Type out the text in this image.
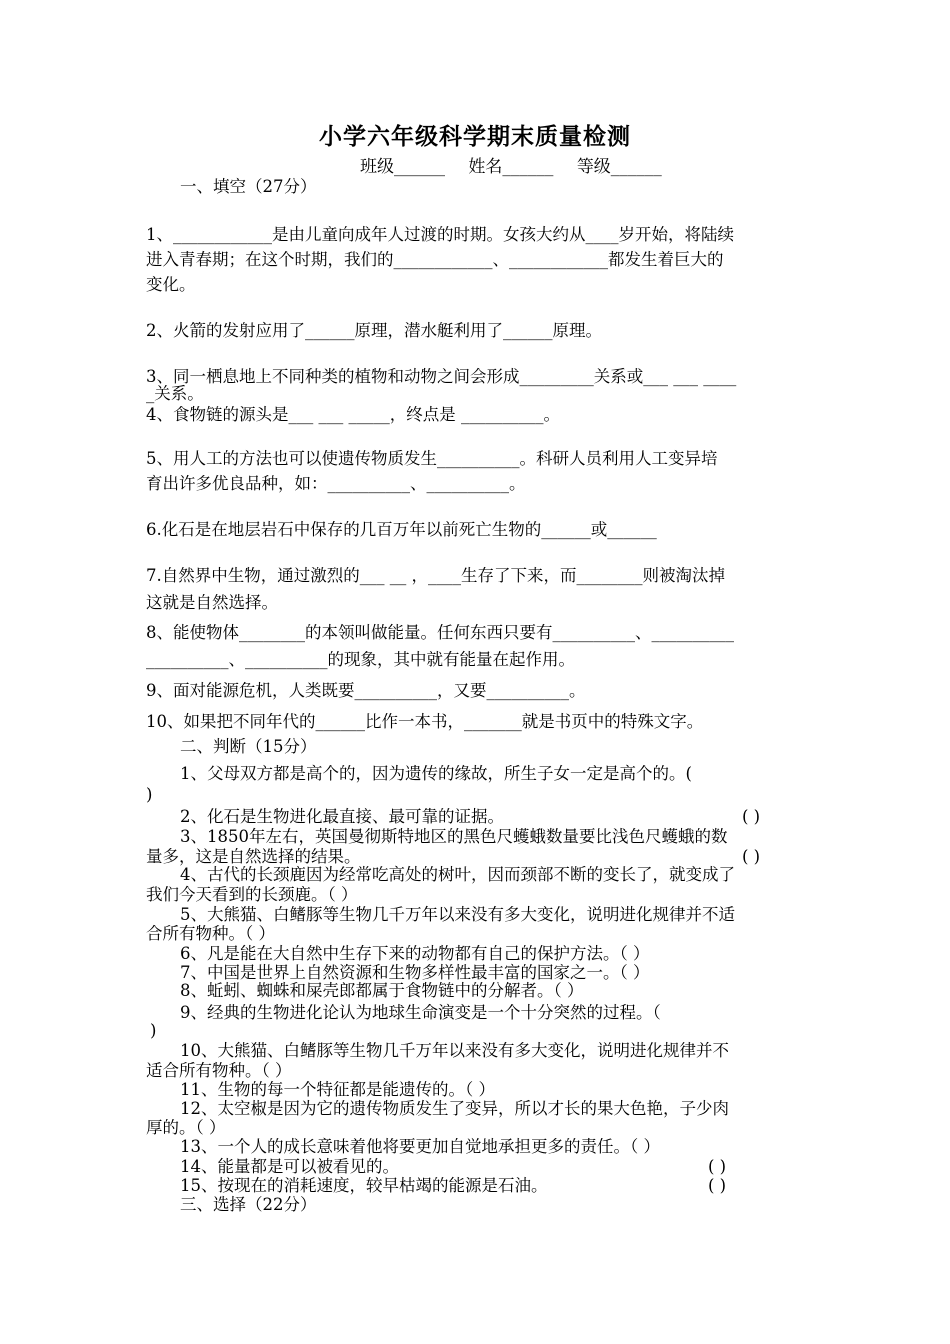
小学六年级科学期末质量检测
班级______ 姓名______ 等级______
一、填空（27分）
1、____________是由儿童向成年人过渡的时期。女孩大约从____岁开始，将陆续
进入青春期；在这个时期，我们的____________、____________都发生着巨大的
变化。
2、火箭的发射应用了______原理，潜水艇利用了______原理。
3、同一栖息地上不同种类的植物和动物之间会形成_________关系或___ ___ ____
_关系。
4、食物链的源头是___ ___ _____，终点是 __________。
5、用人工的方法也可以使遗传物质发生__________。科研人员利用人工变异培
育出许多优良品种，如：__________、__________。
6.化石是在地层岩石中保存的几百万年以前死亡生物的______或______
7.自然界中生物，通过激烈的___ __ ，____生存了下来，而________则被淘汰掉
这就是自然选择。
8、能使物体________的本领叫做能量。任何东西只要有__________、__________
__________、__________的现象，其中就有能量在起作用。
9、面对能源危机，人类既要__________，又要__________。
10、如果把不同年代的______比作一本书，_______就是书页中的特殊文字。
二、判断（15分）
1、父母双方都是高个的，因为遗传的缘故，所生子女一定是高个的。(
)
2、化石是生物进化最直接、最可靠的证据。	( )
3、1850年左右，英国曼彻斯特地区的黑色尺蠖蛾数量要比浅色尺蠖蛾的数
量多，这是自然选择的结果。	( )
4、古代的长颈鹿因为经常吃高处的树叶，因而颈部不断的变长了，就变成了
我们今天看到的长颈鹿。（ ）
5、大熊猫、白鳍豚等生物几千万年以来没有多大变化，说明进化规律并不适
合所有物种。（ ）
6、凡是能在大自然中生存下来的动物都有自己的保护方法。（ ）
7、中国是世界上自然资源和生物多样性最丰富的国家之一。（ ）
8、蚯蚓、蜘蛛和屎壳郎都属于食物链中的分解者。（ ）
9、经典的生物进化论认为地球生命演变是一个十分突然的过程。（
)
10、大熊猫、白鳍豚等生物几千万年以来没有多大变化，说明进化规律并不
适合所有物种。（ ）
11、生物的每一个特征都是能遗传的。（ ）
12、太空椒是因为它的遗传物质发生了变异，所以才长的果大色艳，子少肉
厚的。（ ）
13、一个人的成长意味着他将要更加自觉地承担更多的责任。（ ）
14、能量都是可以被看见的。	( )
15、按现在的消耗速度，较早枯竭的能源是石油。	( )
三、选择（22分）
